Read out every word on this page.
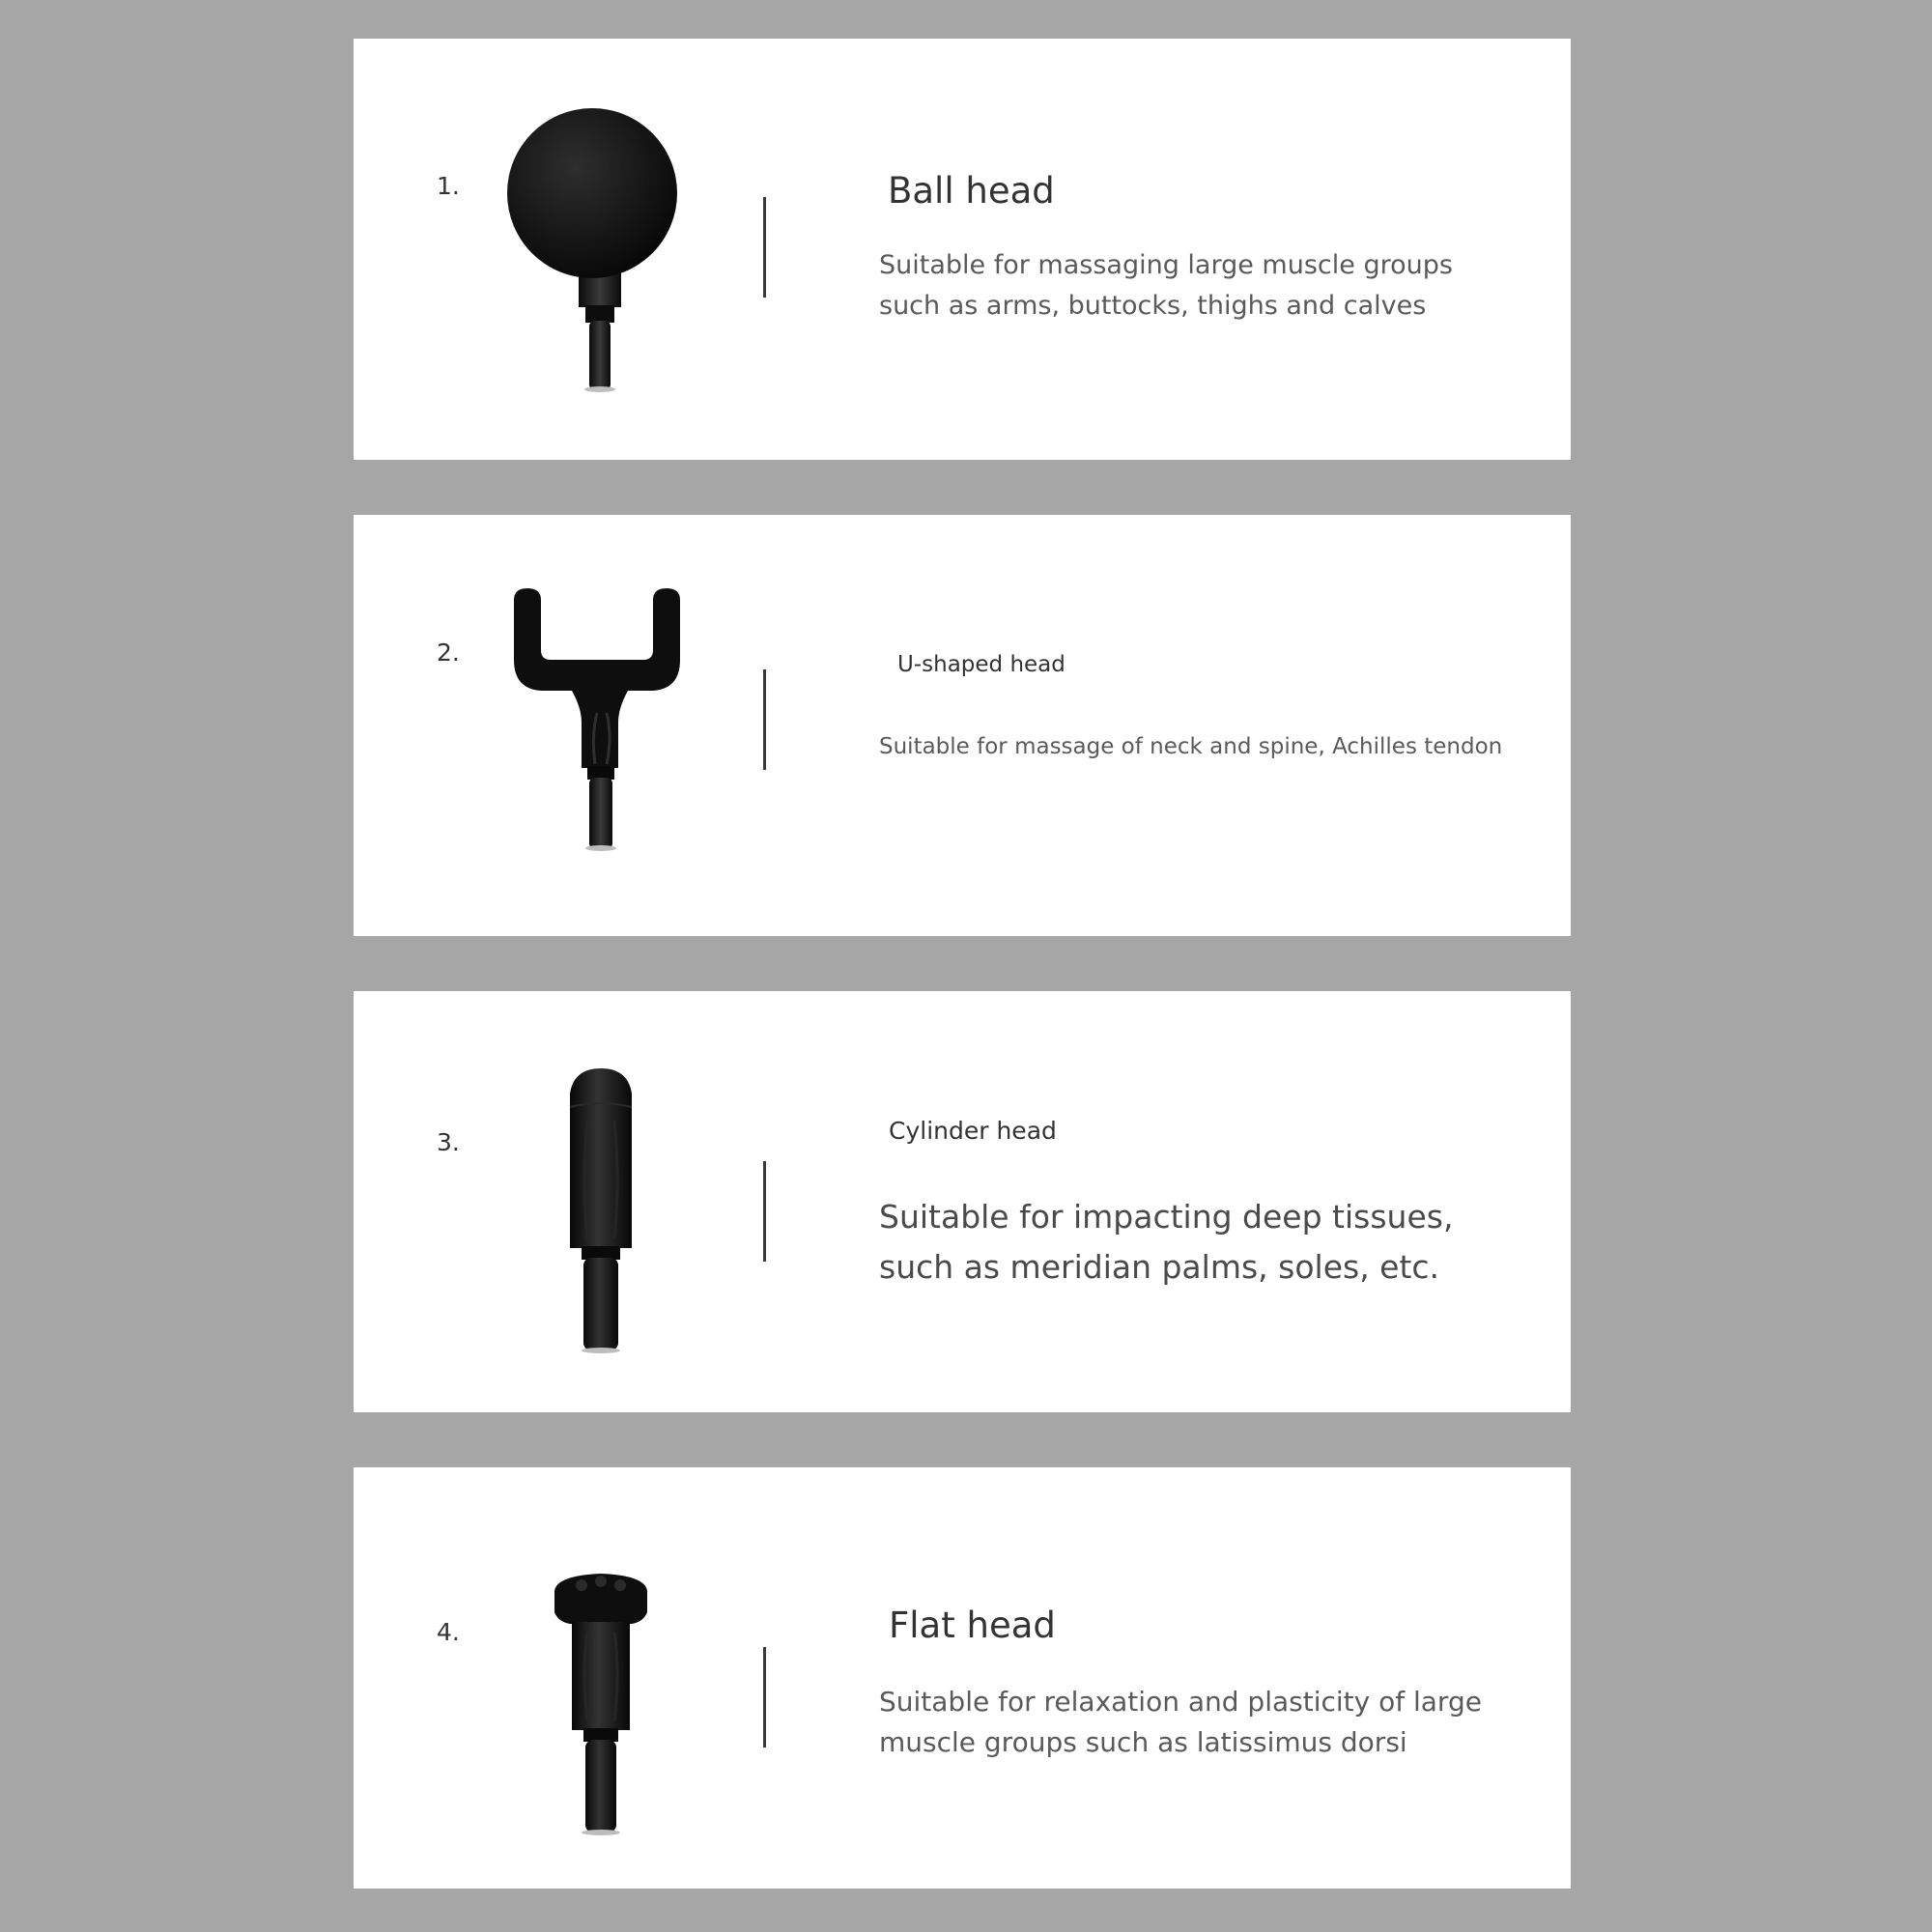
1.	Ball head

Suitable for massaging large muscle groups
such as arms, buttocks, thighs and calves

2.	U-shaped head

Suitable for massage of neck and spine, Achilles tendon

3.	Cylinder head

Suitable for impacting deep tissues,
such as meridian palms, soles, etc.

4.	Flat head

Suitable for relaxation and plasticity of large
muscle groups such as latissimus dorsi
